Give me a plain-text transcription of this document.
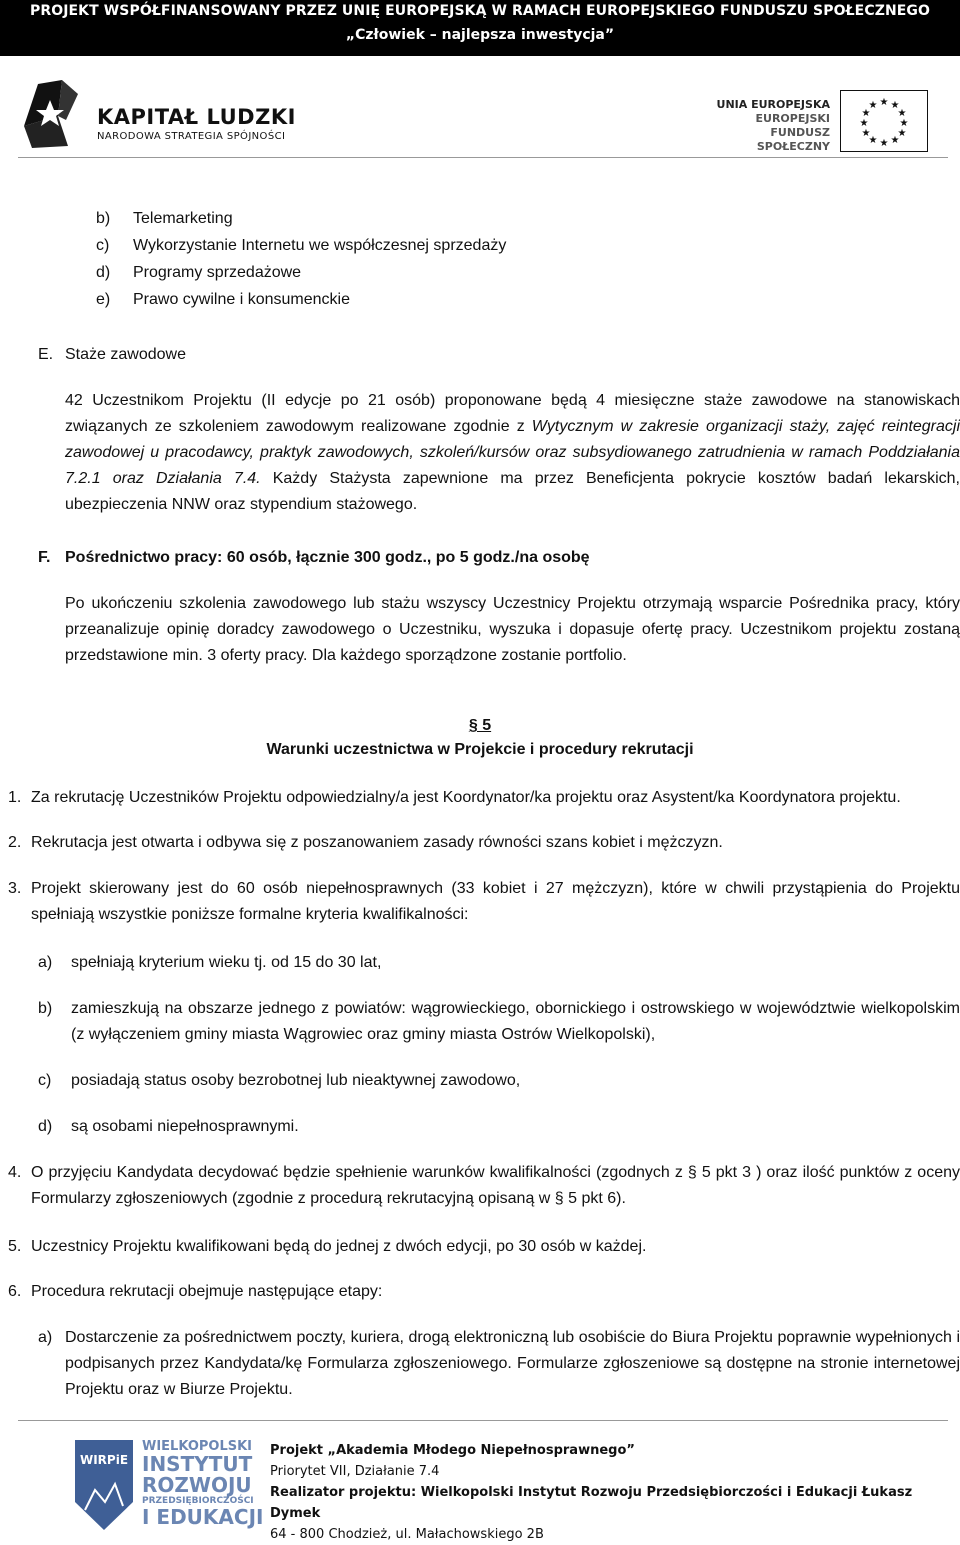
PROJEKT WSPÓŁFINANSOWANY PRZEZ UNIĘ EUROPEJSKĄ W RAMACH EUROPEJSKIEGO FUNDUSZU SPOŁECZNEGO
„Człowiek – najlepsza inwestycja”
KAPITAŁ LUDZKI
NARODOWA STRATEGIA SPÓJNOŚCI
UNIA EUROPEJSKA
EUROPEJSKI
FUNDUSZ SPOŁECZNY
★ ★
★
★
★
★
★
★
★
★
★
★
b) Telemarketing
c) Wykorzystanie Internetu we współczesnej sprzedaży
d) Programy sprzedażowe
e) Prawo cywilne i konsumenckie
E. Staże zawodowe
42 Uczestnikom Projektu (II edycje po 21 osób) proponowane będą 4 miesięczne staże zawodowe na stanowiskach związanych ze szkoleniem zawodowym realizowane zgodnie z Wytycznym w zakresie organizacji staży, zajęć reintegracji zawodowej u pracodawcy, praktyk zawodowych, szkoleń/kursów oraz subsydiowanego zatrudnienia w ramach Poddziałania 7.2.1 oraz Działania 7.4. Każdy Stażysta zapewnione ma przez Beneficjenta pokrycie kosztów badań lekarskich, ubezpieczenia NNW oraz stypendium stażowego.
F. Pośrednictwo pracy: 60 osób, łącznie 300 godz., po 5 godz./na osobę
Po ukończeniu szkolenia zawodowego lub stażu wszyscy Uczestnicy Projektu otrzymają wsparcie Pośrednika pracy, który przeanalizuje opinię doradcy zawodowego o Uczestniku, wyszuka i dopasuje ofertę pracy. Uczestnikom projektu zostaną przedstawione min. 3 oferty pracy. Dla każdego sporządzone zostanie portfolio.
§ 5
Warunki uczestnictwa w Projekcie i procedury rekrutacji
1. Za rekrutację Uczestników Projektu odpowiedzialny/a jest Koordynator/ka projektu oraz Asystent/ka Koordynatora projektu.
2. Rekrutacja jest otwarta i odbywa się z poszanowaniem zasady równości szans kobiet i mężczyzn.
3. Projekt skierowany jest do 60 osób niepełnosprawnych (33 kobiet i 27 mężczyzn), które w chwili przystąpienia do Projektu spełniają wszystkie poniższe formalne kryteria kwalifikalności:
a) spełniają kryterium wieku tj. od 15 do 30 lat,
b) zamieszkują na obszarze jednego z powiatów: wągrowieckiego, obornickiego i ostrowskiego w województwie wielkopolskim (z wyłączeniem gminy miasta Wągrowiec oraz gminy miasta Ostrów Wielkopolski),
c) posiadają status osoby bezrobotnej lub nieaktywnej zawodowo,
d) są osobami niepełnosprawnymi.
4. O przyjęciu Kandydata decydować będzie spełnienie warunków kwalifikalności (zgodnych z § 5 pkt 3 ) oraz ilość punktów z oceny Formularzy zgłoszeniowych (zgodnie z procedurą rekrutacyjną opisaną w § 5 pkt 6).
5. Uczestnicy Projektu kwalifikowani będą do jednej z dwóch edycji, po 30 osób w każdej.
6. Procedura rekrutacji obejmuje następujące etapy:
a) Dostarczenie za pośrednictwem poczty, kuriera, drogą elektroniczną lub osobiście do Biura Projektu poprawnie wypełnionych i podpisanych przez Kandydata/kę Formularza zgłoszeniowego. Formularze zgłoszeniowe są dostępne na stronie internetowej Projektu oraz w Biurze Projektu.
WIRPiE
WIELKOPOLSKI
INSTYTUT
ROZWOJU
PRZEDSIĘBIORCZOŚCI
I EDUKACJI
Projekt „Akademia Młodego Niepełnosprawnego”
Priorytet VII, Działanie 7.4
Realizator projektu: Wielkopolski Instytut Rozwoju Przedsiębiorczości i Edukacji Łukasz Dymek
64 - 800 Chodzież, ul. Małachowskiego 2B
